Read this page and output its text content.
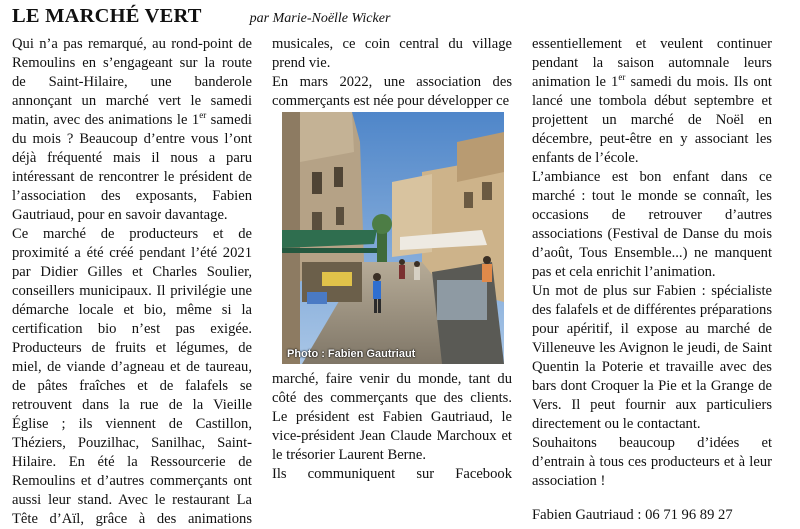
LE MARCHÉ VERT	par Marie-Noëlle Wicker

Qui n’a pas remarqué, au rond-point de Remoulins en s’engageant sur la route de Saint-Hilaire, une banderole annonçant un marché vert le samedi matin, avec des animations le 1er samedi du mois ? Beaucoup d’entre vous l’ont déjà fréquenté mais il nous a paru intéressant de rencontrer le président de l’association des exposants, Fabien Gautriaud, pour en savoir davantage.

Ce marché de producteurs et de proximité a été créé pendant l’été 2021 par Didier Gilles et Charles Soulier, conseillers municipaux. Il privilégie une démarche locale et bio, même si la certification bio n’est pas exigée. Producteurs de fruits et légumes, de miel, de viande d’agneau et de taureau, de pâtes fraîches et de falafels se retrouvent dans la rue de la Vieille Église ; ils viennent de Castillon, Théziers, Pouzilhac, Sanilhac, Saint-Hilaire. En été la Ressourcerie de Remoulins et d’autres commerçants ont aussi leur stand. Avec le restaurant La Tête d’Aïl, grâce à des animations

musicales, ce coin central du village prend vie.

En mars 2022, une association des commerçants est née pour développer ce

Photo : Fabien Gautriaut

marché, faire venir du monde, tant du côté des commerçants que des clients. Le président est Fabien Gautriaud, le vice-président Jean Claude Marchoux et le trésorier Laurent Berne.

Ils communiquent sur Facebook

essentiellement et veulent continuer pendant la saison automnale leurs animation le 1er samedi du mois. Ils ont lancé une tombola début septembre et projettent un marché de Noël en décembre, peut-être en y associant les enfants de l’école.

L’ambiance est bon enfant dans ce marché : tout le monde se connaît, les occasions de retrouver d’autres associations (Festival de Danse du mois d’août, Tous Ensemble...) ne manquent pas et cela enrichit l’animation.

Un mot de plus sur Fabien : spécialiste des falafels et de différentes préparations pour apéritif, il expose au marché de Villeneuve les Avignon le jeudi, de Saint Quentin la Poterie et travaille avec des bars dont Croquer la Pie et la Grange de Vers. Il peut fournir aux particuliers directement ou le contactant.

Souhaitons beaucoup d’idées et d’entrain à tous ces producteurs et à leur association !

Fabien Gautriaud : 06 71 96 89 27
